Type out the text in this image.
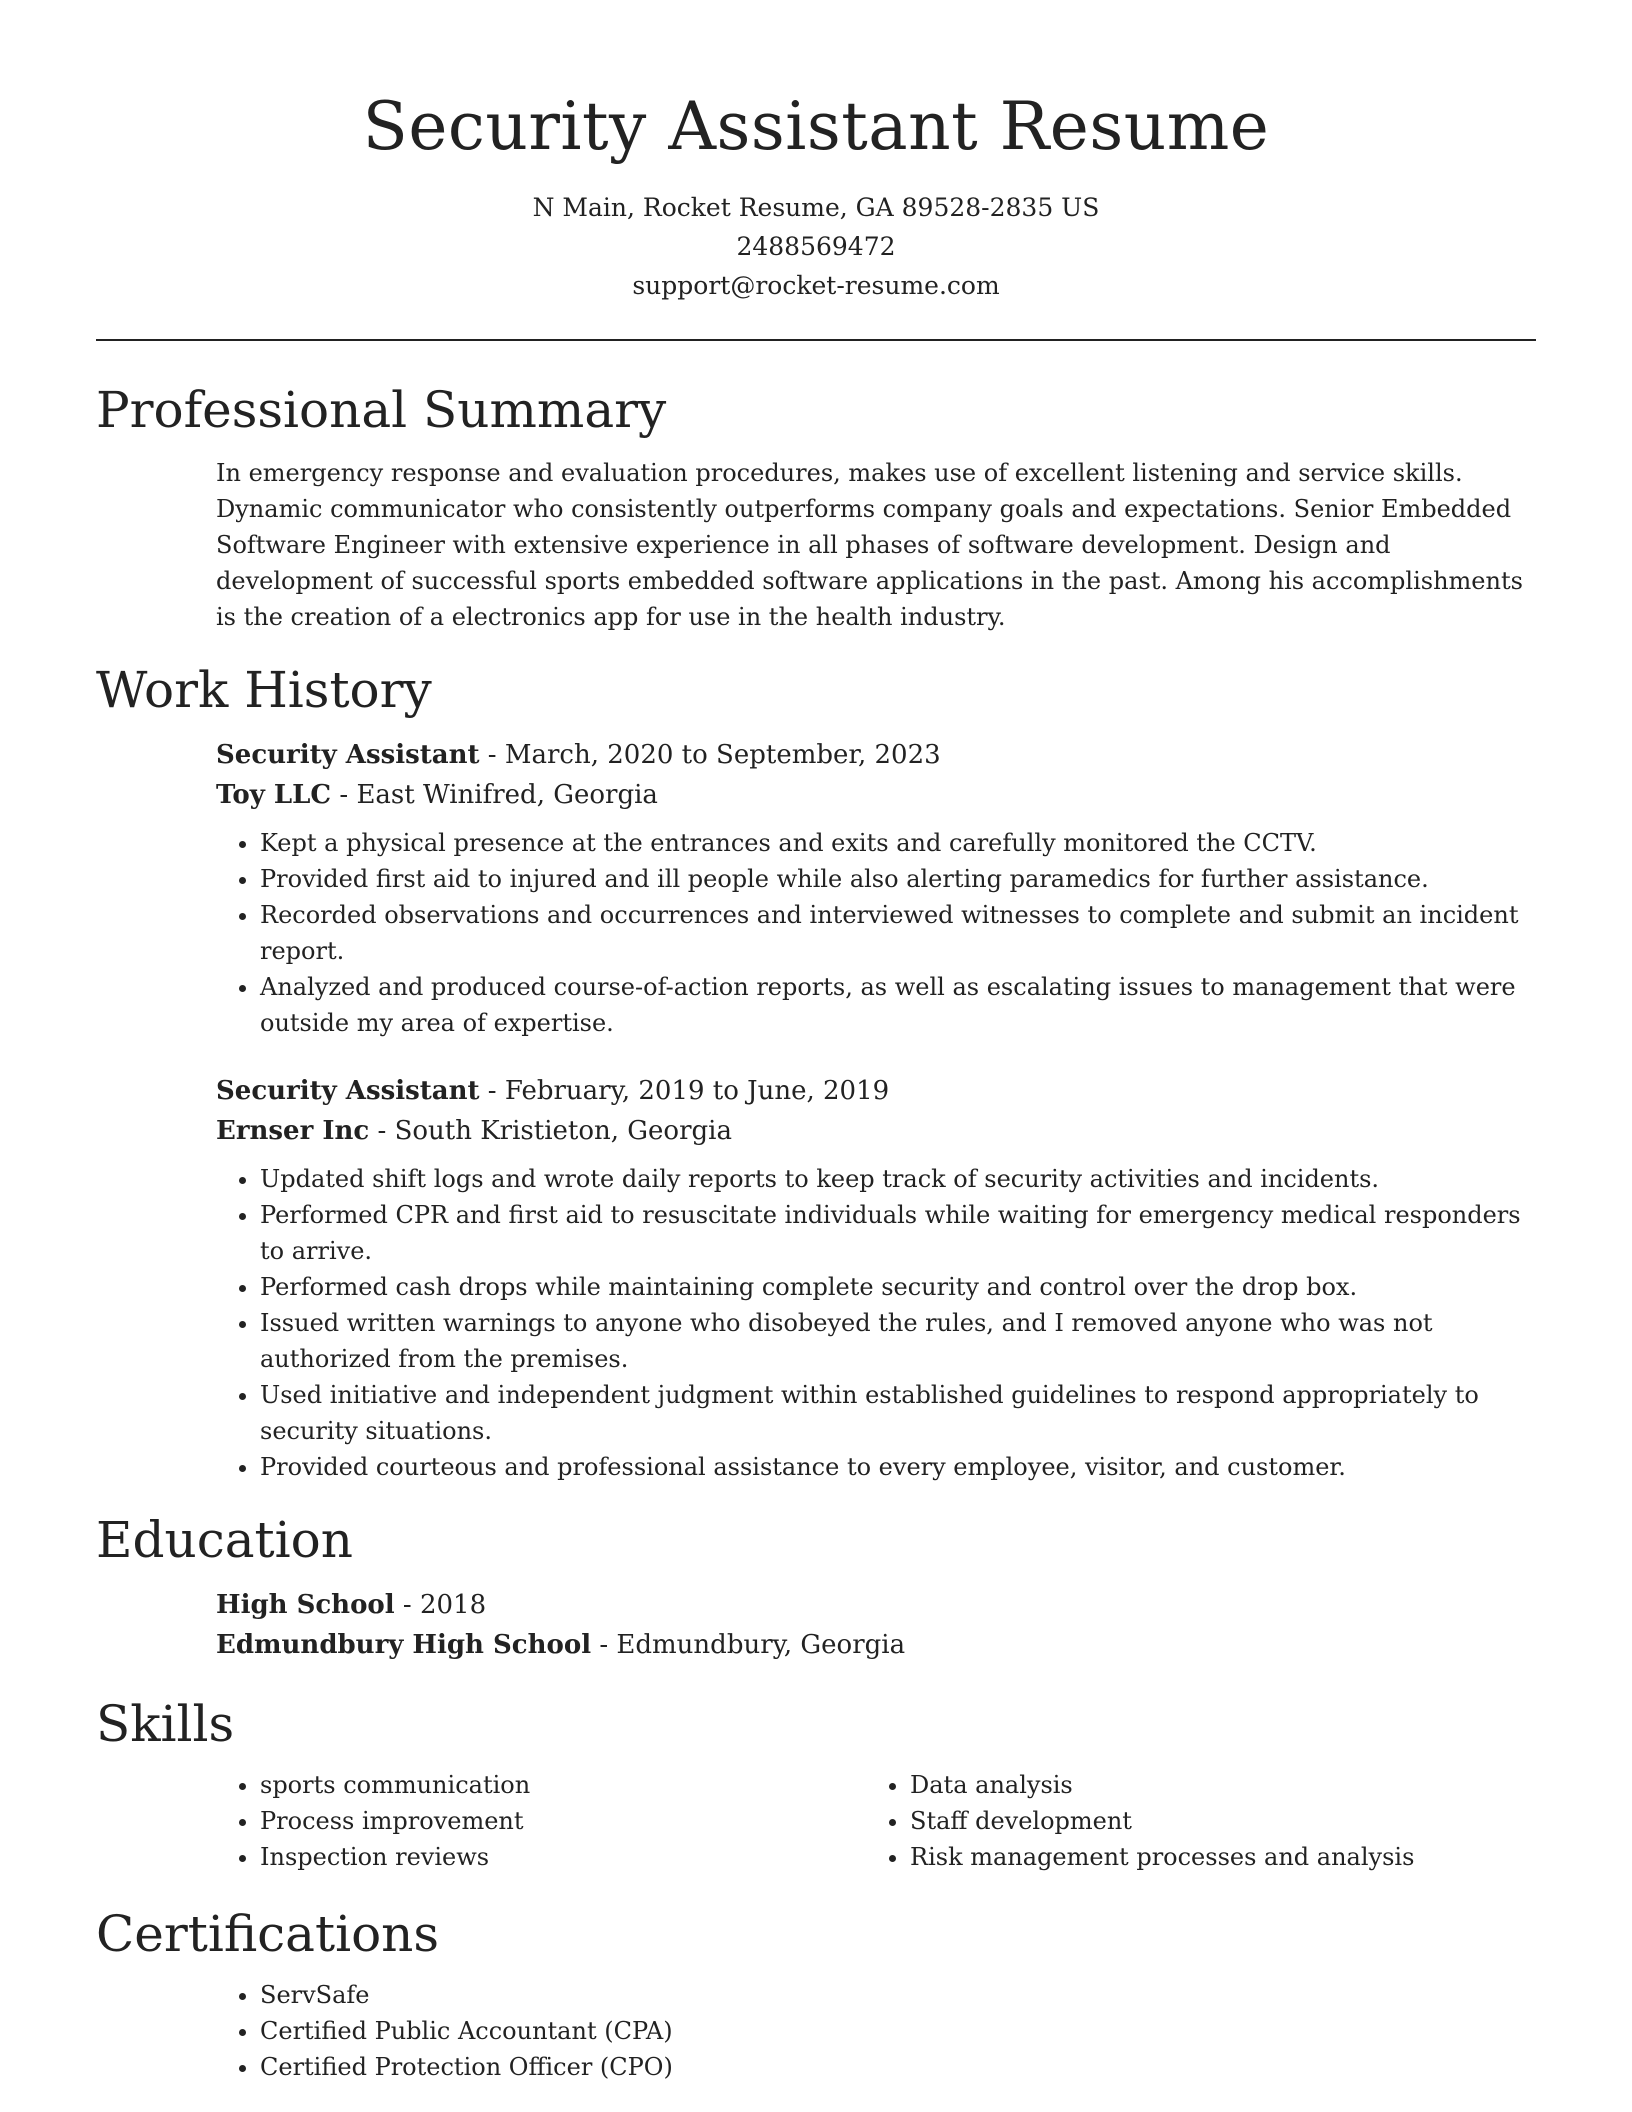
Security Assistant Resume
N Main, Rocket Resume, GA 89528-2835 US
2488569472
support@rocket-resume.com
Professional Summary

In emergency response and evaluation procedures, makes use of excellent listening and service skills. Dynamic communicator who consistently outperforms company goals and expectations. Senior Embedded Software Engineer with extensive experience in all phases of software development. Design and development of successful sports embedded software applications in the past. Among his accomplishments is the creation of a electronics app for use in the health industry.

Work History
Security Assistant - March, 2020 to September, 2023
Toy LLC - East Winifred, Georgia
• Kept a physical presence at the entrances and exits and carefully monitored the CCTV.
• Provided first aid to injured and ill people while also alerting paramedics for further assistance.
• Recorded observations and occurrences and interviewed witnesses to complete and submit an incident report.
• Analyzed and produced course-of-action reports, as well as escalating issues to management that were outside my area of expertise.
Security Assistant - February, 2019 to June, 2019
Ernser Inc - South Kristieton, Georgia
• Updated shift logs and wrote daily reports to keep track of security activities and incidents.
• Performed CPR and first aid to resuscitate individuals while waiting for emergency medical responders to arrive.
• Performed cash drops while maintaining complete security and control over the drop box.
• Issued written warnings to anyone who disobeyed the rules, and I removed anyone who was not authorized from the premises.
• Used initiative and independent judgment within established guidelines to respond appropriately to security situations.
• Provided courteous and professional assistance to every employee, visitor, and customer.
Education
High School - 2018
Edmundbury High School - Edmundbury, Georgia
Skills
• sports communication
• Process improvement
• Inspection reviews
• Data analysis
• Staff development
• Risk management processes and analysis
Certifications
• ServSafe
• Certified Public Accountant (CPA)
• Certified Protection Officer (CPO)
